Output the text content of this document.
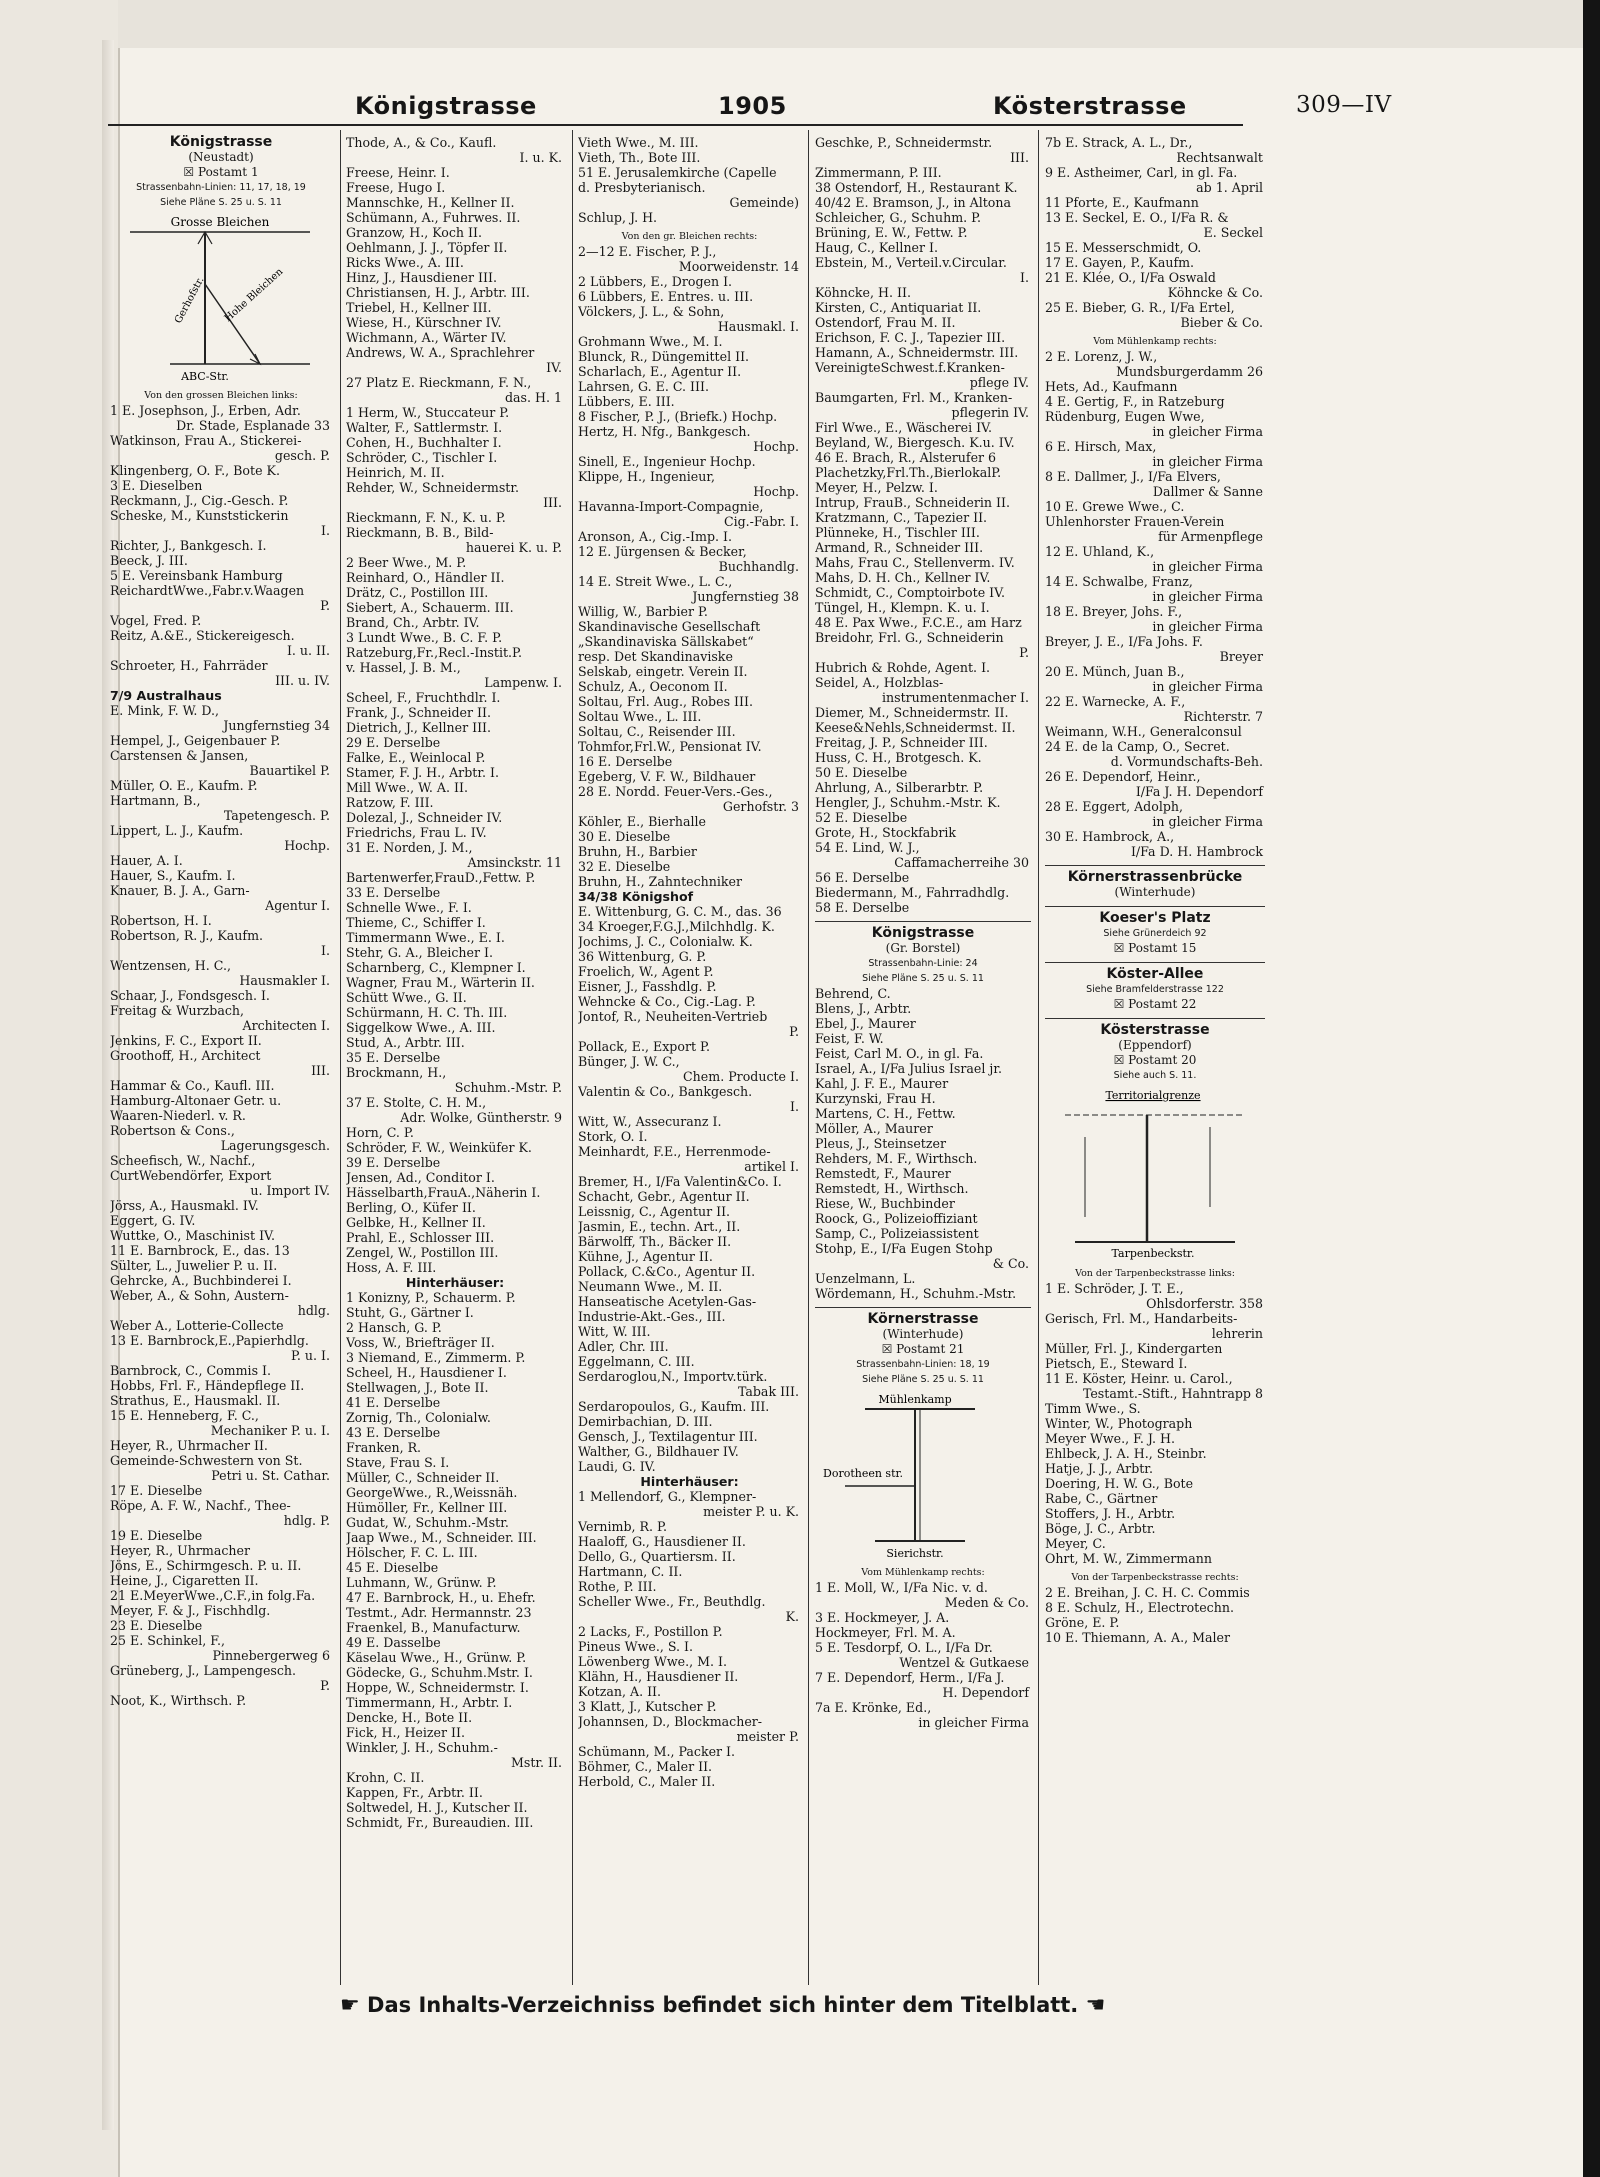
Königstrasse	1905	Kösterstrasse	309—IV
Königstrasse
(Neustadt)
☒ Postamt 1
Strassenbahn-Linien: 11, 17, 18, 19
Siehe Pläne S. 25 u. S. 11
Grosse Bleichen
Gerhofstr. Hohe Bleichen
ABC-Str.
Von den grossen Bleichen links:
1 E. Josephson, J., Erben, Adr.
Dr. Stade, Esplanade 33
Watkinson, Frau A., Stickerei-
gesch. P.
Klingenberg, O. F., Bote K.
3 E. Dieselben
Reckmann, J., Cig.-Gesch. P.
Scheske, M., Kunststickerin
I.
Richter, J., Bankgesch. I.
Beeck, J. III.
5 E. Vereinsbank Hamburg
ReichardtWwe.,Fabr.v.Waagen
P.
Vogel, Fred. P.
Reitz, A.&E., Stickereigesch.
I. u. II.
Schroeter, H., Fahrräder
III. u. IV.
7/9 Australhaus
E. Mink, F. W. D.,
Jungfernstieg 34
Hempel, J., Geigenbauer P.
Carstensen & Jansen,
Bauartikel P.
Müller, O. E., Kaufm. P.
Hartmann, B.,
Tapetengesch. P.
Lippert, L. J., Kaufm.
Hochp.
Hauer, A. I.
Hauer, S., Kaufm. I.
Knauer, B. J. A., Garn-
Agentur I.
Robertson, H. I.
Robertson, R. J., Kaufm.
I.
Wentzensen, H. C.,
Hausmakler I.
Schaar, J., Fondsgesch. I.
Freitag & Wurzbach,
Architecten I.
Jenkins, F. C., Export II.
Groothoff, H., Architect
III.
Hammar & Co., Kaufl. III.
Hamburg-Altonaer Getr. u.
Waaren-Niederl. v. R.
Robertson & Cons.,
Lagerungsgesch.
Scheefisch, W., Nachf.,
CurtWebendörfer, Export
u. Import IV.
Jörss, A., Hausmakl. IV.
Eggert, G. IV.
Wuttke, O., Maschinist IV.
11 E. Barnbrock, E., das. 13
Sülter, L., Juwelier P. u. II.
Gehrcke, A., Buchbinderei I.
Weber, A., & Sohn, Austern-
hdlg.
Weber A., Lotterie-Collecte
13 E. Barnbrock,E.,Papierhdlg.
P. u. I.
Barnbrock, C., Commis I.
Hobbs, Frl. F., Händepflege II.
Strathus, E., Hausmakl. II.
15 E. Henneberg, F. C.,
Mechaniker P. u. I.
Heyer, R., Uhrmacher II.
Gemeinde-Schwestern von St.
Petri u. St. Cathar.
17 E. Dieselbe
Röpe, A. F. W., Nachf., Thee-
hdlg. P.
19 E. Dieselbe
Heyer, R., Uhrmacher
Jöns, E., Schirmgesch. P. u. II.
Heine, J., Cigaretten II.
21 E.MeyerWwe.,C.F.,in folg.Fa.
Meyer, F. & J., Fischhdlg.
23 E. Dieselbe
25 E. Schinkel, F.,
Pinnebergerweg 6
Grüneberg, J., Lampengesch.
P.
Noot, K., Wirthsch. P.
Thode, A., & Co., Kaufl.
I. u. K.
Freese, Heinr. I.
Freese, Hugo I.
Mannschke, H., Kellner II.
Schümann, A., Fuhrwes. II.
Granzow, H., Koch II.
Oehlmann, J. J., Töpfer II.
Ricks Wwe., A. III.
Hinz, J., Hausdiener III.
Christiansen, H. J., Arbtr. III.
Triebel, H., Kellner III.
Wiese, H., Kürschner IV.
Wichmann, A., Wärter IV.
Andrews, W. A., Sprachlehrer
IV.
27 Platz E. Rieckmann, F. N.,
das. H. 1
1 Herm, W., Stuccateur P.
Walter, F., Sattlermstr. I.
Cohen, H., Buchhalter I.
Schröder, C., Tischler I.
Heinrich, M. II.
Rehder, W., Schneidermstr.
III.
Rieckmann, F. N., K. u. P.
Rieckmann, B. B., Bild-
hauerei K. u. P.
2 Beer Wwe., M. P.
Reinhard, O., Händler II.
Drätz, C., Postillon III.
Siebert, A., Schauerm. III.
Brand, Ch., Arbtr. IV.
3 Lundt Wwe., B. C. F. P.
Ratzeburg,Fr.,Recl.-Instit.P.
v. Hassel, J. B. M.,
Lampenw. I.
Scheel, F., Fruchthdlr. I.
Frank, J., Schneider II.
Dietrich, J., Kellner III.
29 E. Derselbe
Falke, E., Weinlocal P.
Stamer, F. J. H., Arbtr. I.
Mill Wwe., W. A. II.
Ratzow, F. III.
Dolezal, J., Schneider IV.
Friedrichs, Frau L. IV.
31 E. Norden, J. M.,
Amsinckstr. 11
Bartenwerfer,FrauD.,Fettw. P.
33 E. Derselbe
Schnelle Wwe., F. I.
Thieme, C., Schiffer I.
Timmermann Wwe., E. I.
Stehr, G. A., Bleicher I.
Scharnberg, C., Klempner I.
Wagner, Frau M., Wärterin II.
Schütt Wwe., G. II.
Schürmann, H. C. Th. III.
Siggelkow Wwe., A. III.
Stud, A., Arbtr. III.
35 E. Derselbe
Brockmann, H.,
Schuhm.-Mstr. P.
37 E. Stolte, C. H. M.,
Adr. Wolke, Güntherstr. 9
Horn, C. P.
Schröder, F. W., Weinküfer K.
39 E. Derselbe
Jensen, Ad., Conditor I.
Hässelbarth,FrauA.,Näherin I.
Berling, O., Küfer II.
Gelbke, H., Kellner II.
Prahl, E., Schlosser III.
Zengel, W., Postillon III.
Hoss, A. F. III.
Hinterhäuser:
1 Konizny, P., Schauerm. P.
Stuht, G., Gärtner I.
2 Hansch, G. P.
Voss, W., Briefträger II.
3 Niemand, E., Zimmerm. P.
Scheel, H., Hausdiener I.
Stellwagen, J., Bote II.
41 E. Derselbe
Zornig, Th., Colonialw.
43 E. Derselbe
Franken, R.
Stave, Frau S. I.
Müller, C., Schneider II.
GeorgeWwe., R.,Weissnäh.
Hümöller, Fr., Kellner III.
Gudat, W., Schuhm.-Mstr.
Jaap Wwe., M., Schneider. III.
Hölscher, F. C. L. III.
45 E. Dieselbe
Luhmann, W., Grünw. P.
47 E. Barnbrock, H., u. Ehefr.
Testmt., Adr. Hermannstr. 23
Fraenkel, B., Manufacturw.
49 E. Dasselbe
Käselau Wwe., H., Grünw. P.
Gödecke, G., Schuhm.Mstr. I.
Hoppe, W., Schneidermstr. I.
Timmermann, H., Arbtr. I.
Dencke, H., Bote II.
Fick, H., Heizer II.
Winkler, J. H., Schuhm.-
Mstr. II.
Krohn, C. II.
Kappen, Fr., Arbtr. II.
Soltwedel, H. J., Kutscher II.
Schmidt, Fr., Bureaudien. III.
Vieth Wwe., M. III.
Vieth, Th., Bote III.
51 E. Jerusalemkirche (Capelle
d. Presbyterianisch.
Gemeinde)
Schlup, J. H.
Von den gr. Bleichen rechts:
2—12 E. Fischer, P. J.,
Moorweidenstr. 14
2 Lübbers, E., Drogen I.
6 Lübbers, E. Entres. u. III.
Völckers, J. L., & Sohn,
Hausmakl. I.
Grohmann Wwe., M. I.
Blunck, R., Düngemittel II.
Scharlach, E., Agentur II.
Lahrsen, G. E. C. III.
Lübbers, E. III.
8 Fischer, P. J., (Briefk.) Hochp.
Hertz, H. Nfg., Bankgesch.
Hochp.
Sinell, E., Ingenieur Hochp.
Klippe, H., Ingenieur,
Hochp.
Havanna-Import-Compagnie,
Cig.-Fabr. I.
Aronson, A., Cig.-Imp. I.
12 E. Jürgensen & Becker,
Buchhandlg.
14 E. Streit Wwe., L. C.,
Jungfernstieg 38
Willig, W., Barbier P.
Skandinavische Gesellschaft
„Skandinaviska Sällskabet“
resp. Det Skandinaviske
Selskab, eingetr. Verein II.
Schulz, A., Oeconom II.
Soltau, Frl. Aug., Robes III.
Soltau Wwe., L. III.
Soltau, C., Reisender III.
Tohmfor,Frl.W., Pensionat IV.
16 E. Derselbe
Egeberg, V. F. W., Bildhauer
28 E. Nordd. Feuer-Vers.-Ges.,
Gerhofstr. 3
Köhler, E., Bierhalle
30 E. Dieselbe
Bruhn, H., Barbier
32 E. Dieselbe
Bruhn, H., Zahntechniker
34/38 Königshof
E. Wittenburg, G. C. M., das. 36
34 Kroeger,F.G.J.,Milchhdlg. K.
Jochims, J. C., Colonialw. K.
36 Wittenburg, G. P.
Froelich, W., Agent P.
Eisner, J., Fasshdlg. P.
Wehncke & Co., Cig.-Lag. P.
Jontof, R., Neuheiten-Vertrieb
P.
Pollack, E., Export P.
Bünger, J. W. C.,
Chem. Producte I.
Valentin & Co., Bankgesch.
I.
Witt, W., Assecuranz I.
Stork, O. I.
Meinhardt, F.E., Herrenmode-
artikel I.
Bremer, H., I/Fa Valentin&Co. I.
Schacht, Gebr., Agentur II.
Leissnig, C., Agentur II.
Jasmin, E., techn. Art., II.
Bärwolff, Th., Bäcker II.
Kühne, J., Agentur II.
Pollack, C.&Co., Agentur II.
Neumann Wwe., M. II.
Hanseatische Acetylen-Gas-
Industrie-Akt.-Ges., III.
Witt, W. III.
Adler, Chr. III.
Eggelmann, C. III.
Serdaroglou,N., Importv.türk.
Tabak III.
Serdaropoulos, G., Kaufm. III.
Demirbachian, D. III.
Gensch, J., Textilagentur III.
Walther, G., Bildhauer IV.
Laudi, G. IV.
Hinterhäuser:
1 Mellendorf, G., Klempner-
meister P. u. K.
Vernimb, R. P.
Haaloff, G., Hausdiener II.
Dello, G., Quartiersm. II.
Hartmann, C. II.
Rothe, P. III.
Scheller Wwe., Fr., Beuthdlg.
K.
2 Lacks, F., Postillon P.
Pineus Wwe., S. I.
Löwenberg Wwe., M. I.
Klähn, H., Hausdiener II.
Kotzan, A. II.
3 Klatt, J., Kutscher P.
Johannsen, D., Blockmacher-
meister P.
Schümann, M., Packer I.
Böhmer, C., Maler II.
Herbold, C., Maler II.
Geschke, P., Schneidermstr.
III.
Zimmermann, P. III.
38 Ostendorf, H., Restaurant K.
40/42 E. Bramson, J., in Altona
Schleicher, G., Schuhm. P.
Brüning, E. W., Fettw. P.
Haug, C., Kellner I.
Ebstein, M., Verteil.v.Circular.
I.
Köhncke, H. II.
Kirsten, C., Antiquariat II.
Ostendorf, Frau M. II.
Erichson, F. C. J., Tapezier III.
Hamann, A., Schneidermstr. III.
VereinigteSchwest.f.Kranken-
pflege IV.
Baumgarten, Frl. M., Kranken-
pflegerin IV.
Firl Wwe., E., Wäscherei IV.
Beyland, W., Biergesch. K.u. IV.
46 E. Brach, R., Alsterufer 6
Plachetzky,Frl.Th.,BierlokalP.
Meyer, H., Pelzw. I.
Intrup, FrauB., Schneiderin II.
Kratzmann, C., Tapezier II.
Plünneke, H., Tischler III.
Armand, R., Schneider III.
Mahs, Frau C., Stellenverm. IV.
Mahs, D. H. Ch., Kellner IV.
Schmidt, C., Comptoirbote IV.
Tüngel, H., Klempn. K. u. I.
48 E. Pax Wwe., F.C.E., am Harz
Breidohr, Frl. G., Schneiderin
P.
Hubrich & Rohde, Agent. I.
Seidel, A., Holzblas-
instrumentenmacher I.
Diemer, M., Schneidermstr. II.
Keese&Nehls,Schneidermst. II.
Freitag, J. P., Schneider III.
Huss, C. H., Brotgesch. K.
50 E. Dieselbe
Ahrlung, A., Silberarbtr. P.
Hengler, J., Schuhm.-Mstr. K.
52 E. Dieselbe
Grote, H., Stockfabrik
54 E. Lind, W. J.,
Caffamacherreihe 30
56 E. Derselbe
Biedermann, M., Fahrradhdlg.
58 E. Derselbe
Königstrasse
(Gr. Borstel)
Strassenbahn-Linie: 24
Siehe Pläne S. 25 u. S. 11
Behrend, C.
Blens, J., Arbtr.
Ebel, J., Maurer
Feist, F. W.
Feist, Carl M. O., in gl. Fa.
Israel, A., I/Fa Julius Israel jr.
Kahl, J. F. E., Maurer
Kurzynski, Frau H.
Martens, C. H., Fettw.
Möller, A., Maurer
Pleus, J., Steinsetzer
Rehders, M. F., Wirthsch.
Remstedt, F., Maurer
Remstedt, H., Wirthsch.
Riese, W., Buchbinder
Roock, G., Polizeioffiziant
Samp, C., Polizeiassistent
Stohp, E., I/Fa Eugen Stohp
& Co.
Uenzelmann, L.
Wördemann, H., Schuhm.-Mstr.
Körnerstrasse
(Winterhude)
☒ Postamt 21
Strassenbahn-Linien: 18, 19
Siehe Pläne S. 25 u. S. 11
Mühlenkamp
Dorotheen str.
Sierichstr.
Vom Mühlenkamp rechts:
1 E. Moll, W., I/Fa Nic. v. d.
Meden & Co.
3 E. Hockmeyer, J. A.
Hockmeyer, Frl. M. A.
5 E. Tesdorpf, O. L., I/Fa Dr.
Wentzel & Gutkaese
7 E. Dependorf, Herm., I/Fa J.
H. Dependorf
7a E. Krönke, Ed.,
in gleicher Firma
7b E. Strack, A. L., Dr.,
Rechtsanwalt
9 E. Astheimer, Carl, in gl. Fa.
ab 1. April
11 Pforte, E., Kaufmann
13 E. Seckel, E. O., I/Fa R. &
E. Seckel
15 E. Messerschmidt, O.
17 E. Gayen, P., Kaufm.
21 E. Klée, O., I/Fa Oswald
Köhncke & Co.
25 E. Bieber, G. R., I/Fa Ertel,
Bieber & Co.
Vom Mühlenkamp rechts:
2 E. Lorenz, J. W.,
Mundsburgerdamm 26
Hets, Ad., Kaufmann
4 E. Gertig, F., in Ratzeburg
Rüdenburg, Eugen Wwe,
in gleicher Firma
6 E. Hirsch, Max,
in gleicher Firma
8 E. Dallmer, J., I/Fa Elvers,
Dallmer & Sanne
10 E. Grewe Wwe., C.
Uhlenhorster Frauen-Verein
für Armenpflege
12 E. Uhland, K.,
in gleicher Firma
14 E. Schwalbe, Franz,
in gleicher Firma
18 E. Breyer, Johs. F.,
in gleicher Firma
Breyer, J. E., I/Fa Johs. F.
Breyer
20 E. Münch, Juan B.,
in gleicher Firma
22 E. Warnecke, A. F.,
Richterstr. 7
Weimann, W.H., Generalconsul
24 E. de la Camp, O., Secret.
d. Vormundschafts-Beh.
26 E. Dependorf, Heinr.,
I/Fa J. H. Dependorf
28 E. Eggert, Adolph,
in gleicher Firma
30 E. Hambrock, A.,
I/Fa D. H. Hambrock
Körnerstrassenbrücke
(Winterhude)
Koeser's Platz
Siehe Grünerdeich 92
☒ Postamt 15
Köster-Allee
Siehe Bramfelderstrasse 122
☒ Postamt 22
Kösterstrasse
(Eppendorf)
☒ Postamt 20
Siehe auch S. 11.
Territorialgrenze
Tarpenbeckstr.
Von der Tarpenbeckstrasse links:
1 E. Schröder, J. T. E.,
Ohlsdorferstr. 358
Gerisch, Frl. M., Handarbeits-
lehrerin
Müller, Frl. J., Kindergarten
Pietsch, E., Steward I.
11 E. Köster, Heinr. u. Carol.,
Testamt.-Stift., Hahntrapp 8
Timm Wwe., S.
Winter, W., Photograph
Meyer Wwe., F. J. H.
Ehlbeck, J. A. H., Steinbr.
Hatje, J. J., Arbtr.
Doering, H. W. G., Bote
Rabe, C., Gärtner
Stoffers, J. H., Arbtr.
Böge, J. C., Arbtr.
Meyer, C.
Ohrt, M. W., Zimmermann
Von der Tarpenbeckstrasse rechts:
2 E. Breihan, J. C. H. C. Commis
8 E. Schulz, H., Electrotechn.
Gröne, E. P.
10 E. Thiemann, A. A., Maler
☛ Das Inhalts-Verzeichniss befindet sich hinter dem Titelblatt. ☚
